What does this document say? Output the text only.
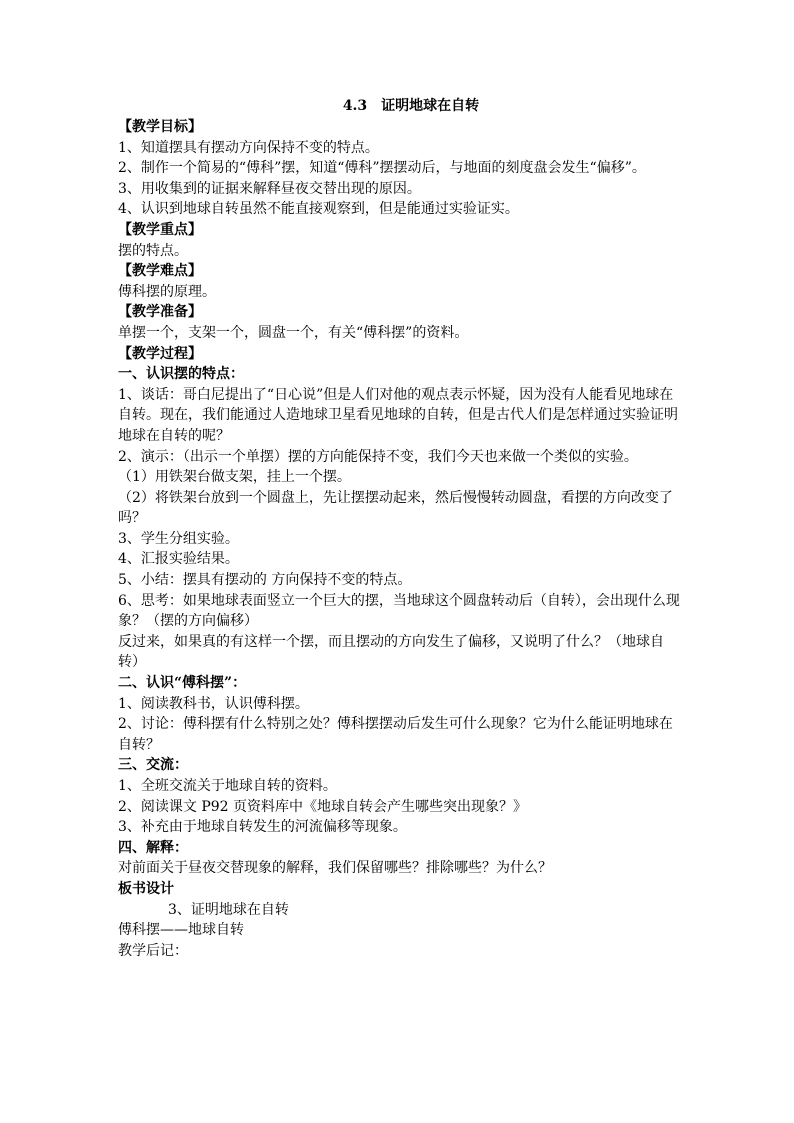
4.3　证明地球在自转

【教学目标】

1、知道摆具有摆动方向保持不变的特点。

2、制作一个简易的“傅科”摆，知道“傅科”摆摆动后，与地面的刻度盘会发生“偏移”。

3、用收集到的证据来解释昼夜交替出现的原因。

4、认识到地球自转虽然不能直接观察到，但是能通过实验证实。

【教学重点】

摆的特点。

【教学难点】

傅科摆的原理。

【教学准备】

单摆一个，支架一个，圆盘一个，有关“傅科摆”的资料。

【教学过程】

一、认识摆的特点：

1、谈话：哥白尼提出了“日心说”但是人们对他的观点表示怀疑，因为没有人能看见地球在自转。现在，我们能通过人造地球卫星看见地球的自转，但是古代人们是怎样通过实验证明地球在自转的呢？

2、演示：（出示一个单摆）摆的方向能保持不变，我们今天也来做一个类似的实验。

（1）用铁架台做支架，挂上一个摆。

（2）将铁架台放到一个圆盘上，先让摆摆动起来，然后慢慢转动圆盘，看摆的方向改变了吗？

3、学生分组实验。

4、汇报实验结果。

5、小结：摆具有摆动的 方向保持不变的特点。

6、思考：如果地球表面竖立一个巨大的摆，当地球这个圆盘转动后（自转），会出现什么现象？（摆的方向偏移）

反过来，如果真的有这样一个摆，而且摆动的方向发生了偏移，又说明了什么？（地球自转）

二、认识“傅科摆”：

1、阅读教科书，认识傅科摆。

2、讨论：傅科摆有什么特别之处？傅科摆摆动后发生可什么现象？它为什么能证明地球在自转？

三、交流：

1、全班交流关于地球自转的资料。

2、阅读课文 P92 页资料库中《地球自转会产生哪些突出现象？》

3、补充由于地球自转发生的河流偏移等现象。

四、解释：

对前面关于昼夜交替现象的解释，我们保留哪些？排除哪些？为什么？

板书设计

3、证明地球在自转

傅科摆——地球自转

教学后记：
